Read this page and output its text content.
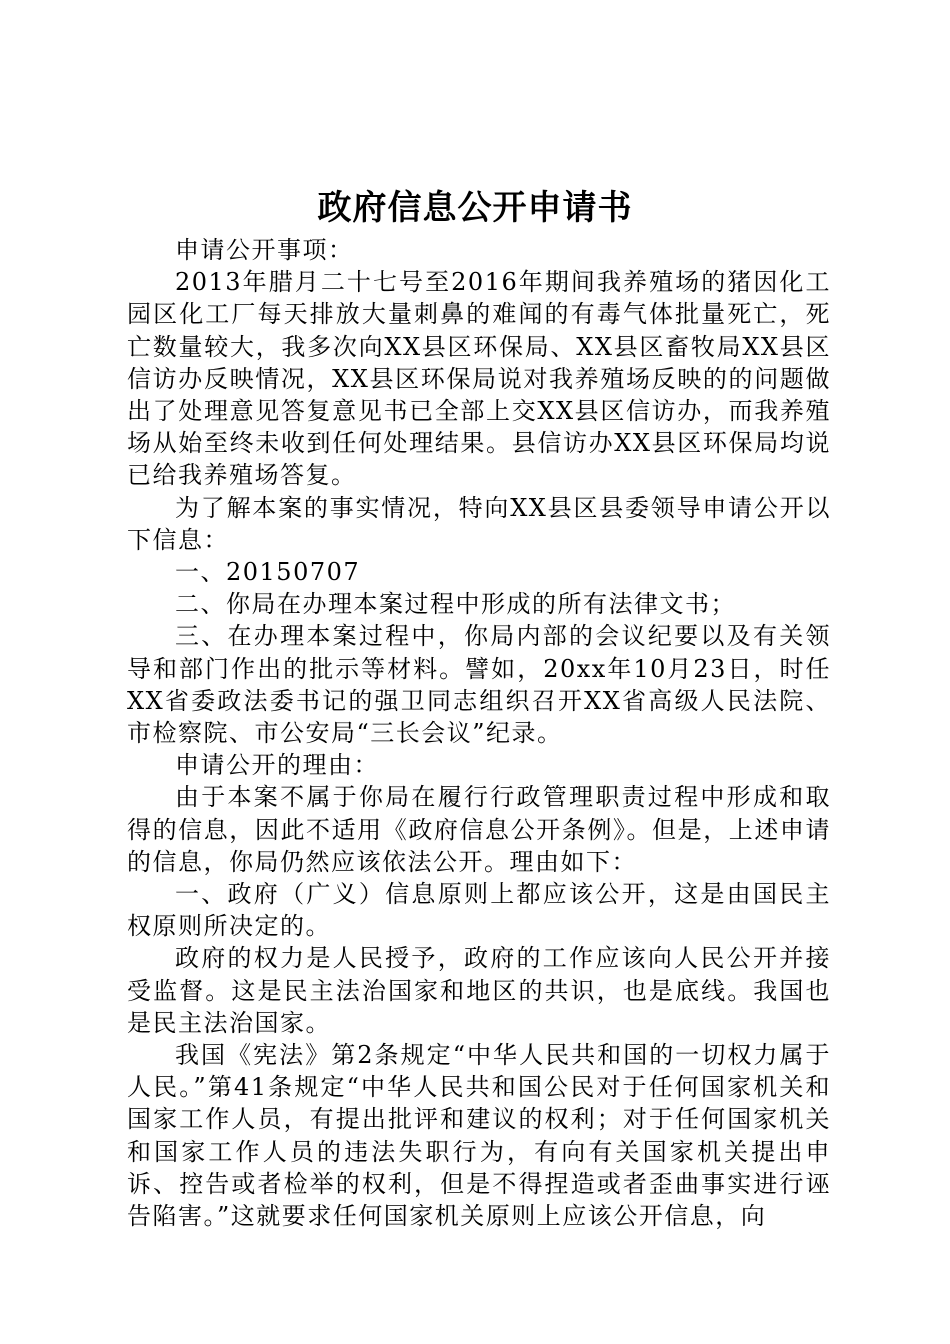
政府信息公开申请书

申请公开事项：

2013年腊月二十七号至2016年期间我养殖场的猪因化工园区化工厂每天排放大量刺鼻的难闻的有毒气体批量死亡，死亡数量较大，我多次向XX县区环保局、XX县区畜牧局XX县区信访办反映情况，XX县区环保局说对我养殖场反映的的问题做出了处理意见答复意见书已全部上交XX县区信访办，而我养殖场从始至终未收到任何处理结果。县信访办XX县区环保局均说已给我养殖场答复。

为了解本案的事实情况，特向XX县区县委领导申请公开以下信息：

一、20150707

二、你局在办理本案过程中形成的所有法律文书；

三、在办理本案过程中，你局内部的会议纪要以及有关领导和部门作出的批示等材料。譬如，20xx年10月23日，时任XX省委政法委书记的强卫同志组织召开XX省高级人民法院、市检察院、市公安局“三长会议”纪录。

申请公开的理由：

由于本案不属于你局在履行行政管理职责过程中形成和取得的信息，因此不适用《政府信息公开条例》。但是，上述申请的信息，你局仍然应该依法公开。理由如下：

一、政府（广义）信息原则上都应该公开，这是由国民主权原则所决定的。

政府的权力是人民授予，政府的工作应该向人民公开并接受监督。这是民主法治国家和地区的共识，也是底线。我国也是民主法治国家。

我国《宪法》第2条规定“中华人民共和国的一切权力属于人民。”第41条规定“中华人民共和国公民对于任何国家机关和国家工作人员，有提出批评和建议的权利；对于任何国家机关和国家工作人员的违法失职行为，有向有关国家机关提出申诉、控告或者检举的权利，但是不得捏造或者歪曲事实进行诬告陷害。”这就要求任何国家机关原则上应该公开信息，向
